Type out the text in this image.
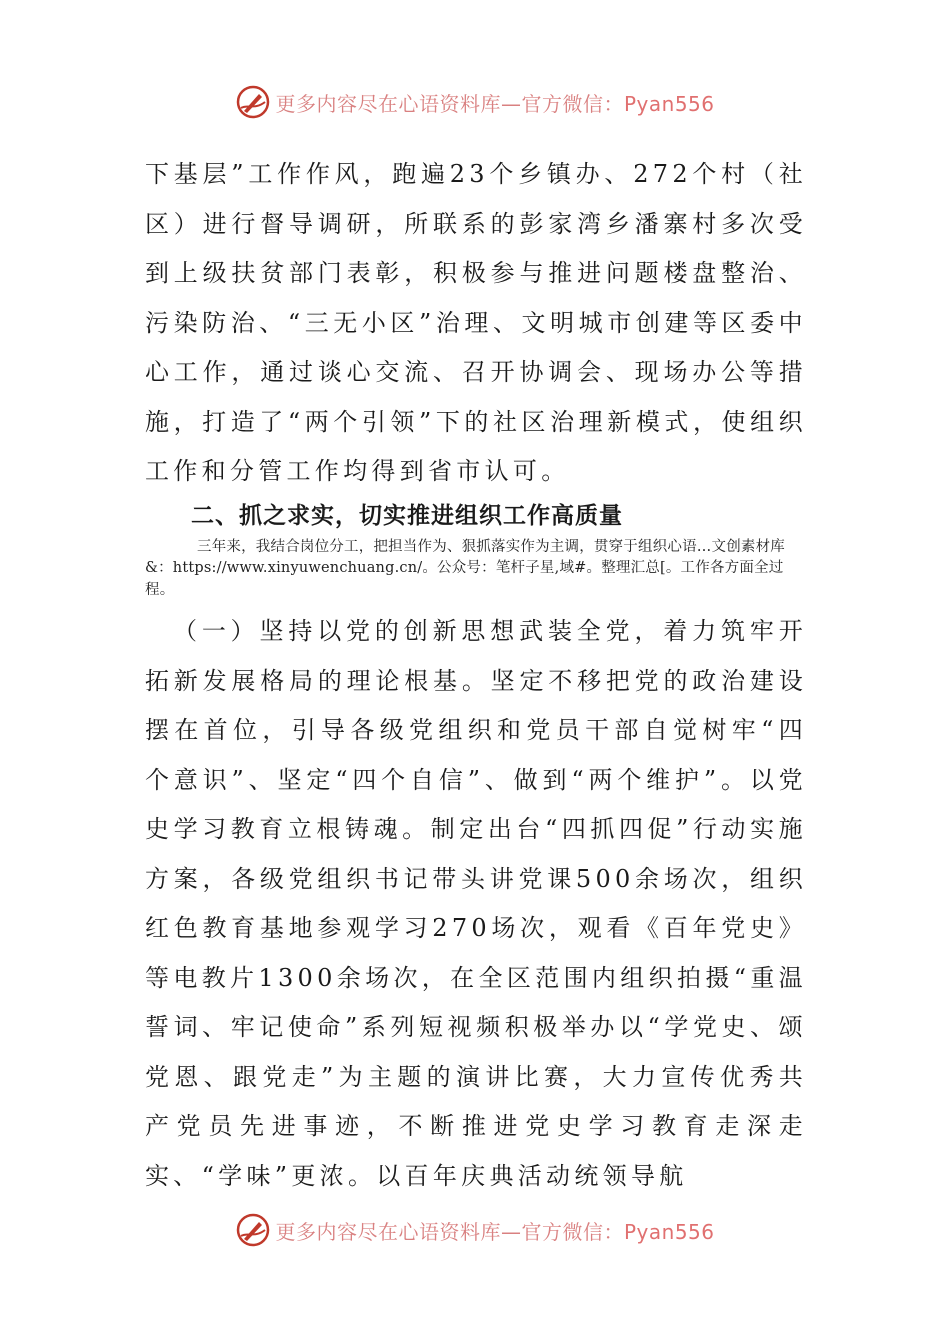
更多内容尽在心语资料库—官方微信：Pyan556

下基层”工作作风，跑遍23个乡镇办、272个村（社区）进行督导调研，所联系的彭家湾乡潘寨村多次受到上级扶贫部门表彰，积极参与推进问题楼盘整治、污染防治、“三无小区”治理、文明城市创建等区委中心工作，通过谈心交流、召开协调会、现场办公等措施，打造了“两个引领”下的社区治理新模式，使组织工作和分管工作均得到省市认可。

二、抓之求实，切实推进组织工作高质量

三年来，我结合岗位分工，把担当作为、狠抓落实作为主调，贯穿于组织心语…文创素材库&：https://www.xinyuwenchuang.cn/。公众号：笔杆子星,域#。整理汇总[。工作各方面全过程。

（一）坚持以党的创新思想武装全党，着力筑牢开拓新发展格局的理论根基。坚定不移把党的政治建设摆在首位，引导各级党组织和党员干部自觉树牢“四个意识”、坚定“四个自信”、做到“两个维护”。以党史学习教育立根铸魂。制定出台“四抓四促”行动实施方案，各级党组织书记带头讲党课500余场次，组织红色教育基地参观学习270场次，观看《百年党史》等电教片1300余场次，在全区范围内组织拍摄“重温誓词、牢记使命”系列短视频积极举办以“学党史、颂党恩、跟党走”为主题的演讲比赛，大力宣传优秀共产党员先进事迹，不断推进党史学习教育走深走实、“学味”更浓。以百年庆典活动统领导航

更多内容尽在心语资料库—官方微信：Pyan556
